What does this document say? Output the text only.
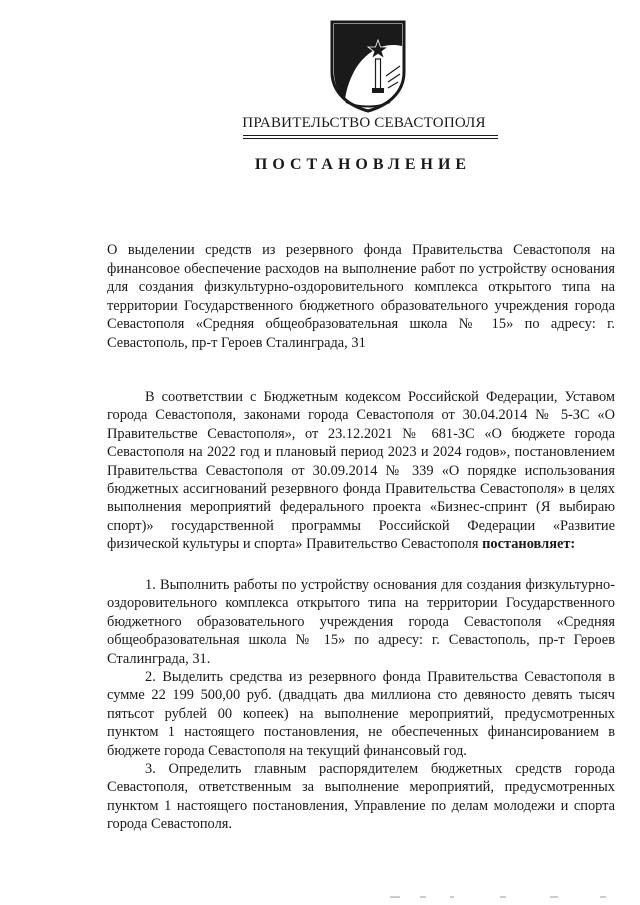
ПРАВИТЕЛЬСТВО СЕВАСТОПОЛЯ
ПОСТАНОВЛЕНИЕ
О выделении средств из резервного фонда Правительства Севастополя на финансовое обеспечение расходов на выполнение работ по устройству основания для создания физкультурно-оздоровительного комплекса открытого типа на территории Государственного бюджетного образовательного учреждения города Севастополя «Средняя общеобразовательная школа № 15» по адресу: г. Севастополь, пр-т Героев Сталинграда, 31

В соответствии с Бюджетным кодексом Российской Федерации, Уставом города Севастополя, законами города Севастополя от 30.04.2014 № 5-ЗС «О Правительстве Севастополя», от 23.12.2021 № 681-ЗС «О бюджете города Севастополя на 2022 год и плановый период 2023 и 2024 годов», постановлением Правительства Севастополя от 30.09.2014 № 339 «О порядке использования бюджетных ассигнований резервного фонда Правительства Севастополя» в целях выполнения мероприятий федерального проекта «Бизнес-спринт (Я выбираю спорт)» государственной программы Российской Федерации «Развитие физической культуры и спорта» Правительство Севастополя постановляет:

1. Выполнить работы по устройству основания для создания физкультурно-оздоровительного комплекса открытого типа на территории Государственного бюджетного образовательного учреждения города Севастополя «Средняя общеобразовательная школа № 15» по адресу: г. Севастополь, пр-т Героев Сталинграда, 31.

2. Выделить средства из резервного фонда Правительства Севастополя в сумме 22 199 500,00 руб. (двадцать два миллиона сто девяносто девять тысяч пятьсот рублей 00 копеек) на выполнение мероприятий, предусмотренных пунктом 1 настоящего постановления, не обеспеченных финансированием в бюджете города Севастополя на текущий финансовый год.

3. Определить главным распорядителем бюджетных средств города Севастополя, ответственным за выполнение мероприятий, предусмотренных пунктом 1 настоящего постановления, Управление по делам молодежи и спорта города Севастополя.
